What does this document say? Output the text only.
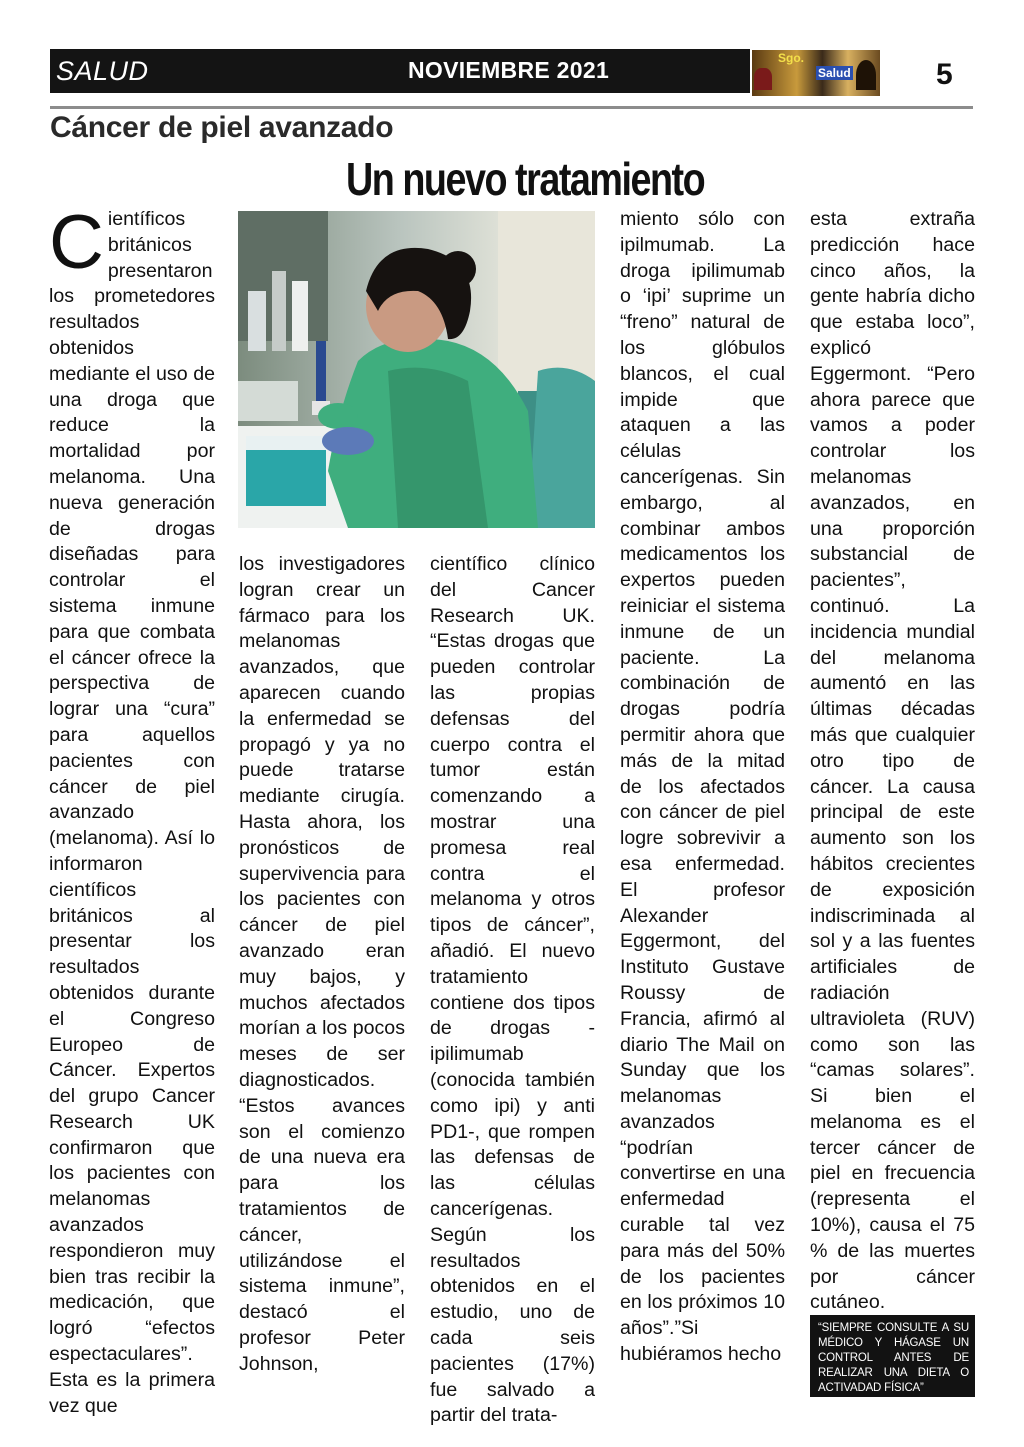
SALUD	NOVIEMBRE 2021	Sgo.
Salud	5
Cáncer de piel avanzado
Un nuevo tratamiento

Científicos británicos presentaron los prometedores resultados obtenidos mediante el uso de una droga que reduce la mortalidad por melanoma. Una nueva generación de drogas diseñadas para controlar el sistema inmune para que combata el cáncer ofrece la perspectiva de lograr una “cura” para aquellos pacientes con cáncer de piel avanzado (melanoma). Así lo informaron científicos británicos al presentar los resultados obtenidos durante el Congreso Europeo de Cáncer. Expertos del grupo Cancer Research UK confirmaron que los pacientes con melanomas avanzados respondieron muy bien tras recibir la medicación, que logró “efectos espectaculares”. Esta es la primera vez que

los investigadores logran crear un fármaco para los melanomas avanzados, que aparecen cuando la enfermedad se propagó y ya no puede tratarse mediante cirugía. Hasta ahora, los pronósticos de supervivencia para los pacientes con cáncer de piel avanzado eran muy bajos, y muchos afectados morían a los pocos meses de ser diagnosticados. “Estos avances son el comienzo de una nueva era para los tratamientos de cáncer, utilizándose el sistema inmune”, destacó el profesor Peter Johnson,

científico clínico del Cancer Research UK. “Estas drogas que pueden controlar las propias defensas del cuerpo contra el tumor están comenzando a mostrar una promesa real contra el melanoma y otros tipos de cáncer”, añadió. El nuevo tratamiento contiene dos tipos de drogas -ipilimumab (conocida también como ipi) y anti PD1-, que rompen las defensas de las células cancerígenas. Según los resultados obtenidos en el estudio, uno de cada seis pacientes (17%) fue salvado a partir del trata-

miento sólo con ipilmumab. La droga ipilimumab o ‘ipi’ suprime un “freno” natural de los glóbulos blancos, el cual impide que ataquen a las células cancerígenas. Sin embargo, al combinar ambos medicamentos los expertos pueden reiniciar el sistema inmune de un paciente. La combinación de drogas podría permitir ahora que más de la mitad de los afectados con cáncer de piel logre sobrevivir a esa enfermedad. El profesor Alexander Eggermont, del Instituto Gustave Roussy de Francia, afirmó al diario The Mail on Sunday que los melanomas avanzados “podrían convertirse en una enfermedad curable tal vez para más del 50% de los pacientes en los próximos 10 años”.”Si hubiéramos hecho

esta extraña predicción hace cinco años, la gente habría dicho que estaba loco”, explicó Eggermont. “Pero ahora parece que vamos a poder controlar los melanomas avanzados, en una proporción substancial de pacientes”, continuó. La incidencia mundial del melanoma aumentó en las últimas décadas más que cualquier otro tipo de cáncer. La causa principal de este aumento son los hábitos crecientes de exposición indiscriminada al sol y a las fuentes artificiales de radiación ultravioleta (RUV) como son las “camas solares”. Si bien el melanoma es el tercer cáncer de piel en frecuencia (representa el 10%), causa el 75 % de las muertes por cáncer cutáneo.

“SIEMPRE CONSULTE A SU MÉDICO Y HÁGASE UN CONTROL ANTES DE REALIZAR UNA DIETA O ACTIVADAD FÍSICA”
